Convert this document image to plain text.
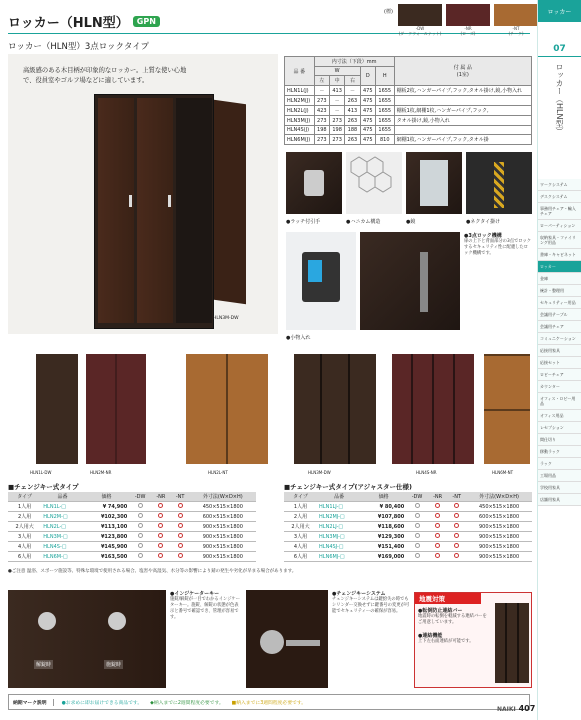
ロッカー（HLN型）	GPN
ロッカー（HLN型）3点ロックタイプ
(標)
-DW
(ダークウォールナット)
-NR
(ローズ)
-NT
(チーク)
高級感のある木目柄が印象的なロッカー。上質な使い心地で、役員室やゴルフ場などに適しています。
HLN3M-DW
品 番	内寸法（下段）mm					付 属 品
(1室)
	W			D	H	
	左	中	右			
HLN1L(J)	－	413	－	475	1655	棚板2枚,ハンガーパイプ,フック,タオル掛け,鏡,小物入れ
HLN2M(J)	273	－	263	475	1655	
HLN2L(J)	423	－	413	475	1655	棚板1枚,網棚1枚,ハンガーパイプ,フック,
HLN3M(J)	273	273	263	475	1655	タオル掛け,鏡,小物入れ
HLN4S(J)	198	198	188	475	1655	
HLN6M(J)	273	273	263	475	810	網棚1枚,ハンガーパイプ,フック,タオル掛
●ラッチ付引手	●ハニカム構造	●鏡	●ネクタイ掛け
●小物入れ
●3点ロック機構
扉の上下と背面部分の3点でロックするセキュリティ性に配慮したロック機構です。
HLN1L-DW	HLN2M-NR	HLN2L-NT	HLN3M-DW	HLN4S-NR	HLN6M-NT
■チェンジキー式タイプ
タイプ	品番	価格	-DW	-NR	-NT	外寸法(W×D×H)
1人用	HLN1L-□	¥ 74,900				450×515×1800
2人用	HLN2M-□	¥102,300				600×515×1800
2人用大	HLN2L-□	¥113,100				900×515×1800
3人用	HLN3M-□	¥123,800				900×515×1800
4人用	HLN4S-□	¥145,900				900×515×1800
6人用	HLN6M-□	¥163,500				900×515×1800
■チェンジキー式タイプ(アジャスター仕様)
タイプ	品番	価格	-DW	-NR	-NT	外寸法(W×D×H)
1人用	HLN1LJ-□	¥ 80,400				450×515×1800
2人用	HLN2MJ-□	¥107,800				600×515×1800
2人用大	HLN2LJ-□	¥118,600				900×515×1800
3人用	HLN3MJ-□	¥129,300				900×515×1800
4人用	HLN4SJ-□	¥151,400				900×515×1800
6人用	HLN6MJ-□	¥169,000				900×515×1800
●ご注意 温浴、スポーツ施設等、特殊な環境で使用される場合、塩害や高湿気、水分等の影響により錆の発生や劣化が早まる場合があります。
解錠時	施錠時
●インジケーターキー
施錠/解錠が一目でわかるインジケーターキー。施錠、解錠の状態が色表示と番号で確認でき、管理が容易です。
●チェンジキーシステム
チェンジキーシステムは鍵紛失の時でもシリンダー交換せずに鍵番号の変更が可能でセキュリティーの確保が容易。
地震対策
●転倒防止連結バー
地震時の転倒を軽減する連結バーをご用意しています。
●連結機能
上下左右面連結が可能です。
納期マーク説明	●お求めに即お届けできる商品です。 ◆納入までに2週間程度必要です。 ■納入までに3週間程度必要です。
NAIKI 407
ロッカー
07
ロッカー（HLN型）
ワークシステム
デスクシステム
事務用チェア・輸入チェア
ローパーティション
収納家具・ファイリング用品
書庫・キャビネット
ロッカー
金庫
統計・整理用
セキュリティー用品
会議用テーブル
会議用チェア
コミュニケーション
応接用家具
応接セット
ロビーチェア
カウンター
オフィス・ロビー用品
オフィス用品
レセプション
間仕切り
移動ラック
ラック
工場用品
学校用家具
店舗用家具
